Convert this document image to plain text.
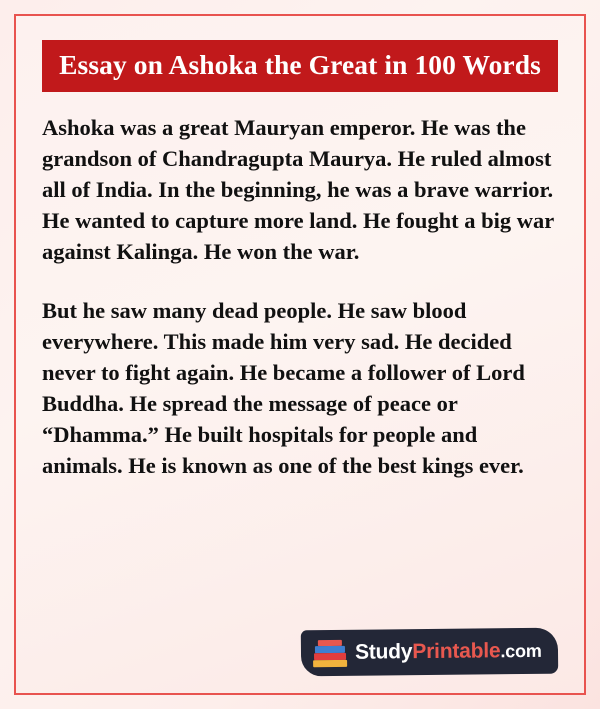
Essay on Ashoka the Great in 100 Words

Ashoka was a great Mauryan emperor. He was the grandson of Chandragupta Maurya. He ruled almost all of India. In the beginning, he was a brave warrior. He wanted to capture more land. He fought a big war against Kalinga. He won the war.

But he saw many dead people. He saw blood everywhere. This made him very sad. He decided never to fight again. He became a follower of Lord Buddha. He spread the message of peace or “Dhamma.” He built hospitals for people and animals. He is known as one of the best kings ever.

StudyPrintable.com
